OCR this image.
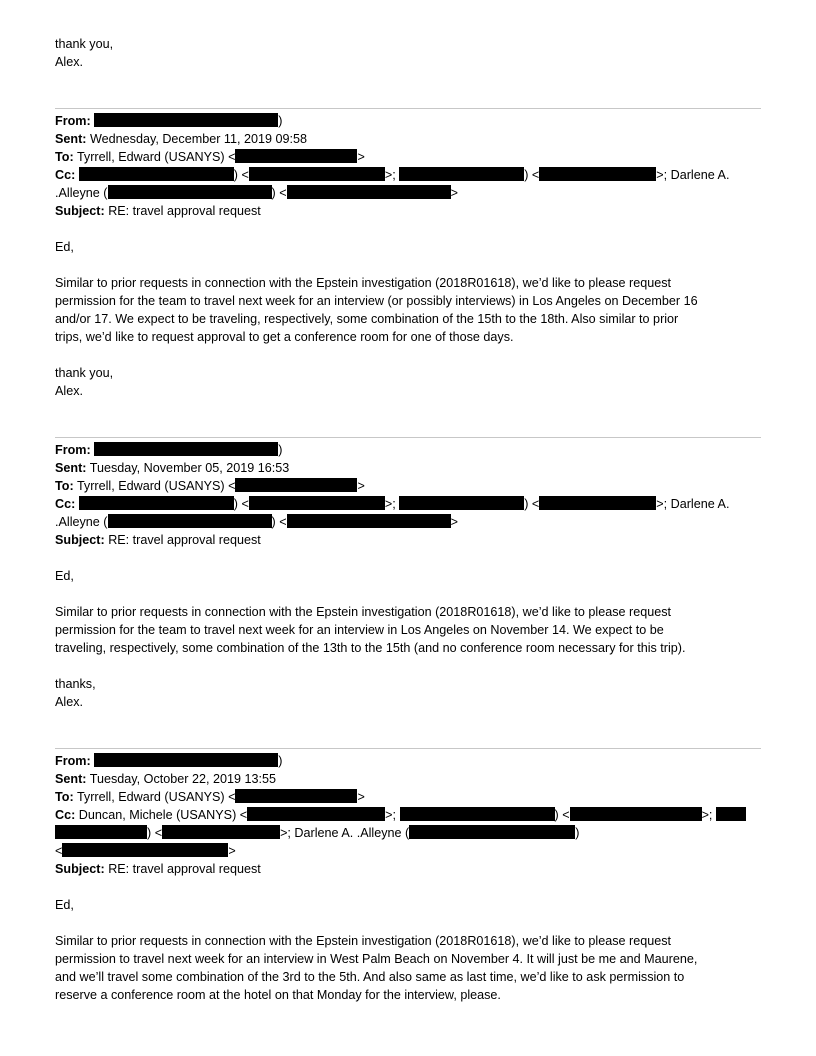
thank you,
Alex.
From:	)
Sent: Wednesday, December 11, 2019 09:58
To: Tyrrell, Edward (USANYS) <	>
Cc:	) <	>;	) <	>; Darlene A.
.Alleyne (	) <	>
Subject: RE: travel approval request
Ed,
Similar to prior requests in connection with the Epstein investigation (2018R01618), we’d like to please request
permission for the team to travel next week for an interview (or possibly interviews) in Los Angeles on December 16
and/or 17. We expect to be traveling, respectively, some combination of the 15th to the 18th. Also similar to prior
trips, we’d like to request approval to get a conference room for one of those days.
thank you,
Alex.
From:	)
Sent: Tuesday, November 05, 2019 16:53
To: Tyrrell, Edward (USANYS) <	>
Cc:	) <	>;	) <	>; Darlene A.
.Alleyne (	) <	>
Subject: RE: travel approval request
Ed,
Similar to prior requests in connection with the Epstein investigation (2018R01618), we’d like to please request
permission for the team to travel next week for an interview in Los Angeles on November 14. We expect to be
traveling, respectively, some combination of the 13th to the 15th (and no conference room necessary for this trip).
thanks,
Alex.
From:	)
Sent: Tuesday, October 22, 2019 13:55
To: Tyrrell, Edward (USANYS) <	>
Cc: Duncan, Michele (USANYS) <	>;	) <	>;
) <	>; Darlene A. .Alleyne (	)
<	>
Subject: RE: travel approval request
Ed,
Similar to prior requests in connection with the Epstein investigation (2018R01618), we’d like to please request
permission to travel next week for an interview in West Palm Beach on November 4. It will just be me and Maurene,
and we’ll travel some combination of the 3rd to the 5th. And also same as last time, we’d like to ask permission to
reserve a conference room at the hotel on that Monday for the interview, please.
